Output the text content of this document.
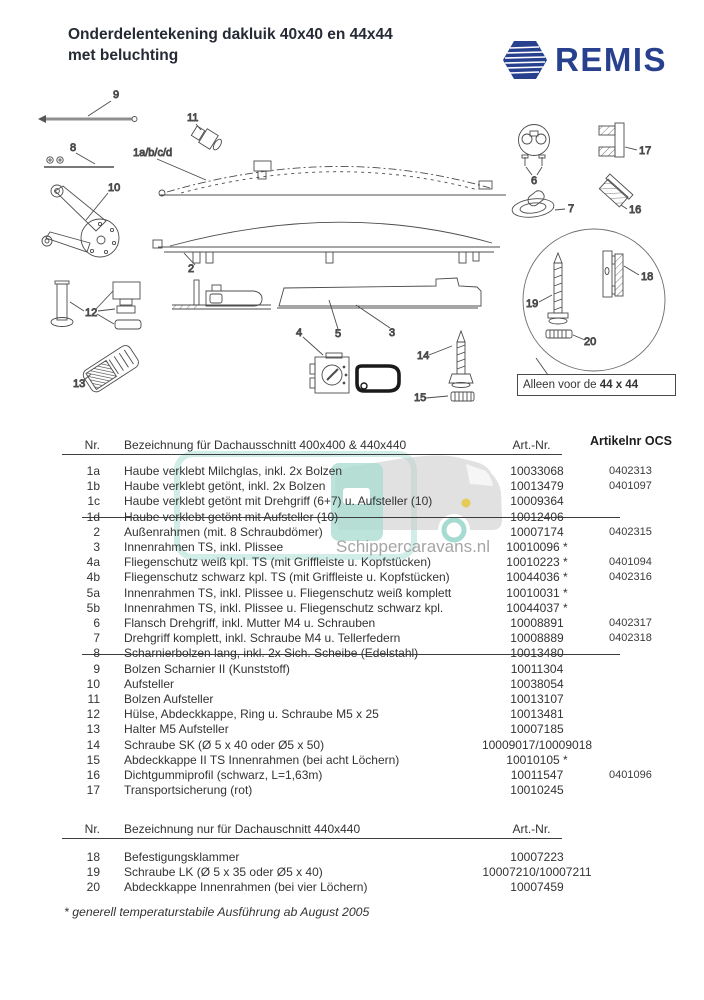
Schippercaravans.nl
Onderdelentekening dakluik 40x40 en 44x44
met beluchting	REMIS
9
8
10
11
1a/b/c/d
2
12
13
5	3
4
14
15
6
17
7	16
19
18
20
Alleen voor de 44 x 44
Nr.	Bezeichnung für Dachausschnitt 400x400 & 440x440	Art.-Nr.	Artikelnr OCS
1a	Haube verklebt Milchglas, inkl. 2x Bolzen	10033068	0402313
1b	Haube verklebt getönt, inkl. 2x Bolzen	10013479	0401097
1c	Haube verklebt getönt mit Drehgriff (6+7) u. Aufsteller (10)	10009364
1d	Haube verklebt getönt mit Aufsteller (10)	10012406
2	Außenrahmen (mit. 8 Schraubdömer)	10007174	0402315
3	Innenrahmen TS, inkl. Plissee	10010096 *
4a	Fliegenschutz weiß kpl. TS (mit Griffleiste u. Kopfstücken)	10010223 *	0401094
4b	Fliegenschutz schwarz kpl. TS (mit Griffleiste u. Kopfstücken)	10044036 *	0402316
5a	Innenrahmen TS, inkl. Plissee u. Fliegenschutz weiß komplett	10010031 *
5b	Innenrahmen TS, inkl. Plissee u. Fliegenschutz schwarz kpl.	10044037 *
6	Flansch Drehgriff, inkl. Mutter M4 u. Schrauben	10008891	0402317
7	Drehgriff komplett, inkl. Schraube M4 u. Tellerfedern	10008889	0402318
8	Scharnierbolzen lang, inkl. 2x Sich. Scheibe (Edelstahl)	10013480
9	Bolzen Scharnier II (Kunststoff)	10011304
10	Aufsteller	10038054
11	Bolzen Aufsteller	10013107
12	Hülse, Abdeckkappe, Ring u. Schraube M5 x 25	10013481
13	Halter M5 Aufsteller	10007185
14	Schraube SK (Ø 5 x 40 oder Ø5 x 50)	10009017/10009018
15	Abdeckkappe II TS Innenrahmen (bei acht Löchern)	10010105 *
16	Dichtgummiprofil (schwarz, L=1,63m)	10011547	0401096
17	Transportsicherung (rot)	10010245
Nr.	Bezeichnung nur für Dachauschnitt 440x440	Art.-Nr.
18	Befestigungsklammer	10007223
19	Schraube LK (Ø 5 x 35 oder Ø5 x 40)	10007210/10007211
20	Abdeckkappe Innenrahmen (bei vier Löchern)	10007459
* generell temperaturstabile Ausführung ab August 2005
